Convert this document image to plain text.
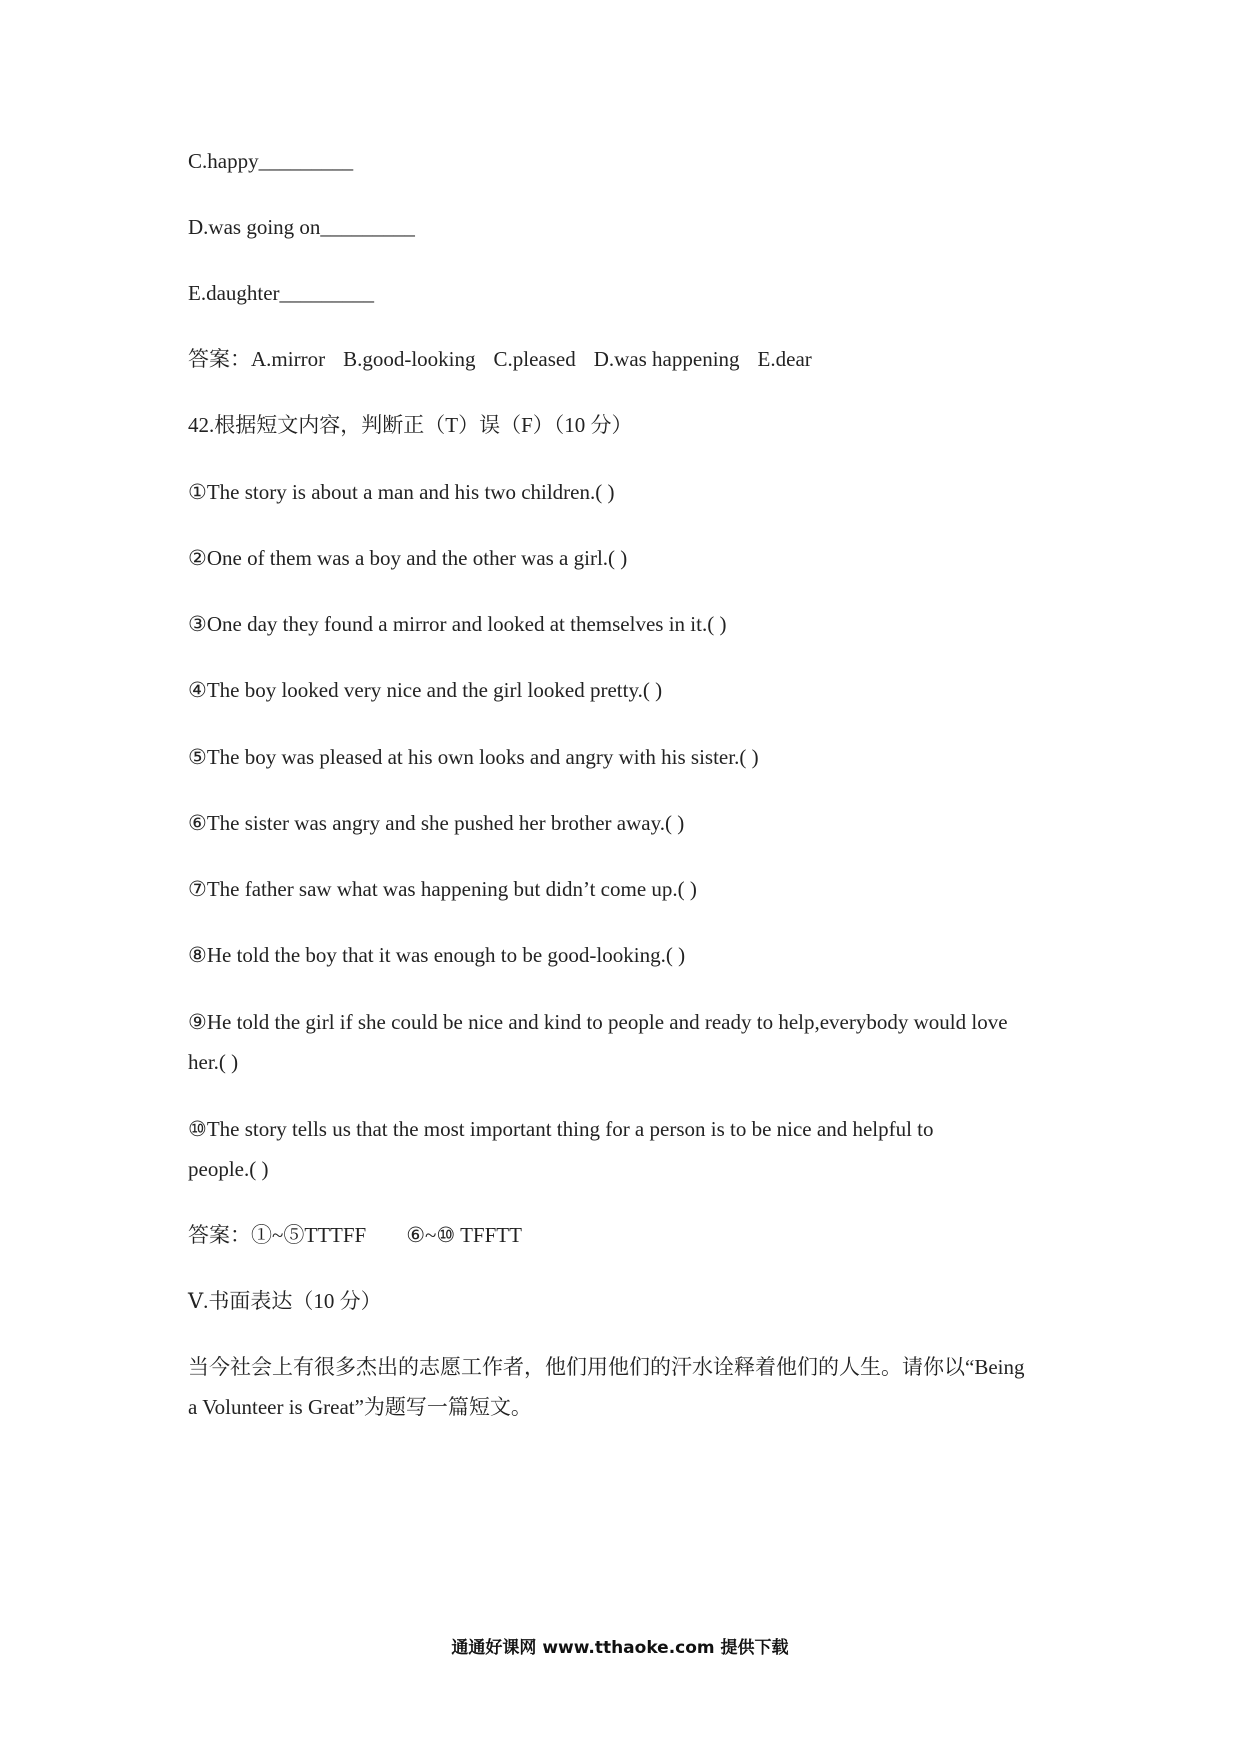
C.happy_________
D.was going on_________
E.daughter_________
答案：A.mirror B.good-looking C.pleased D.was happening E.dear
42.根据短文内容，判断正（T）误（F）（10 分）
①The story is about a man and his two children.( )
②One of them was a boy and the other was a girl.( )
③One day they found a mirror and looked at themselves in it.( )
④The boy looked very nice and the girl looked pretty.( )
⑤The boy was pleased at his own looks and angry with his sister.( )
⑥The sister was angry and she pushed her brother away.( )
⑦The father saw what was happening but didn’t come up.( )
⑧He told the boy that it was enough to be good-looking.( )
⑨He told the girl if she could be nice and kind to people and ready to help,everybody would love
her.( )
⑩The story tells us that the most important thing for a person is to be nice and helpful to
people.( )
答案：①~⑤TTTFF ⑥~⑩ TFFTT
Ⅴ.书面表达（10 分）
当今社会上有很多杰出的志愿工作者，他们用他们的汗水诠释着他们的人生。请你以“Being
a Volunteer is Great”为题写一篇短文。
通通好课网 www.tthaoke.com 提供下载
